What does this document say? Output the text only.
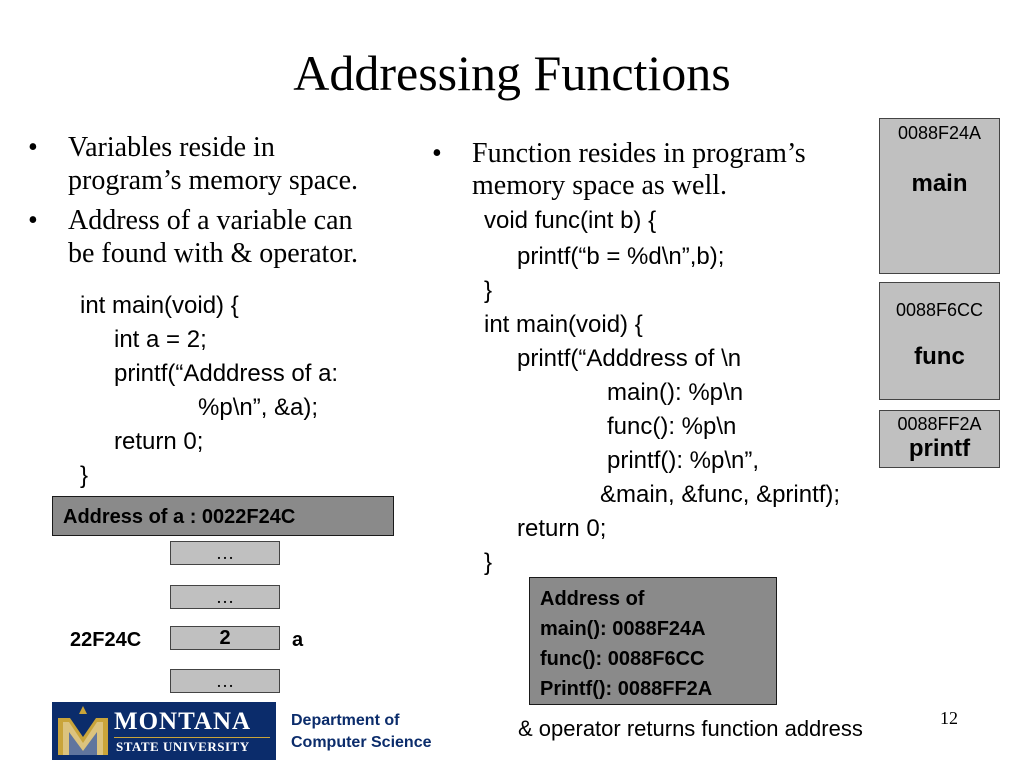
Addressing Functions
• Variables reside in
program’s memory space.
• Address of a variable can
be found with & operator.
int main(void) {
int a = 2;
printf(“Adddress of a:
%p\n”, &a);
return 0;
}
Address of a : 0022F24C
…
…
2
…
22F24C	a
• Function resides in program’s
memory space as well.
void func(int b) {
printf(“b = %d\n”,b);
}
int main(void) {
printf(“Adddress of \n
main(): %p\n
func(): %p\n
printf(): %p\n”,
&main, &func, &printf);
return 0;
}
Address of
main(): 0088F24A
func(): 0088F6CC
Printf(): 0088FF2A
0088F24A
main
0088F6CC
func
0088FF2A
printf
& operator returns function address	12
MONTANA
STATE UNIVERSITY
Department of
Computer Science
